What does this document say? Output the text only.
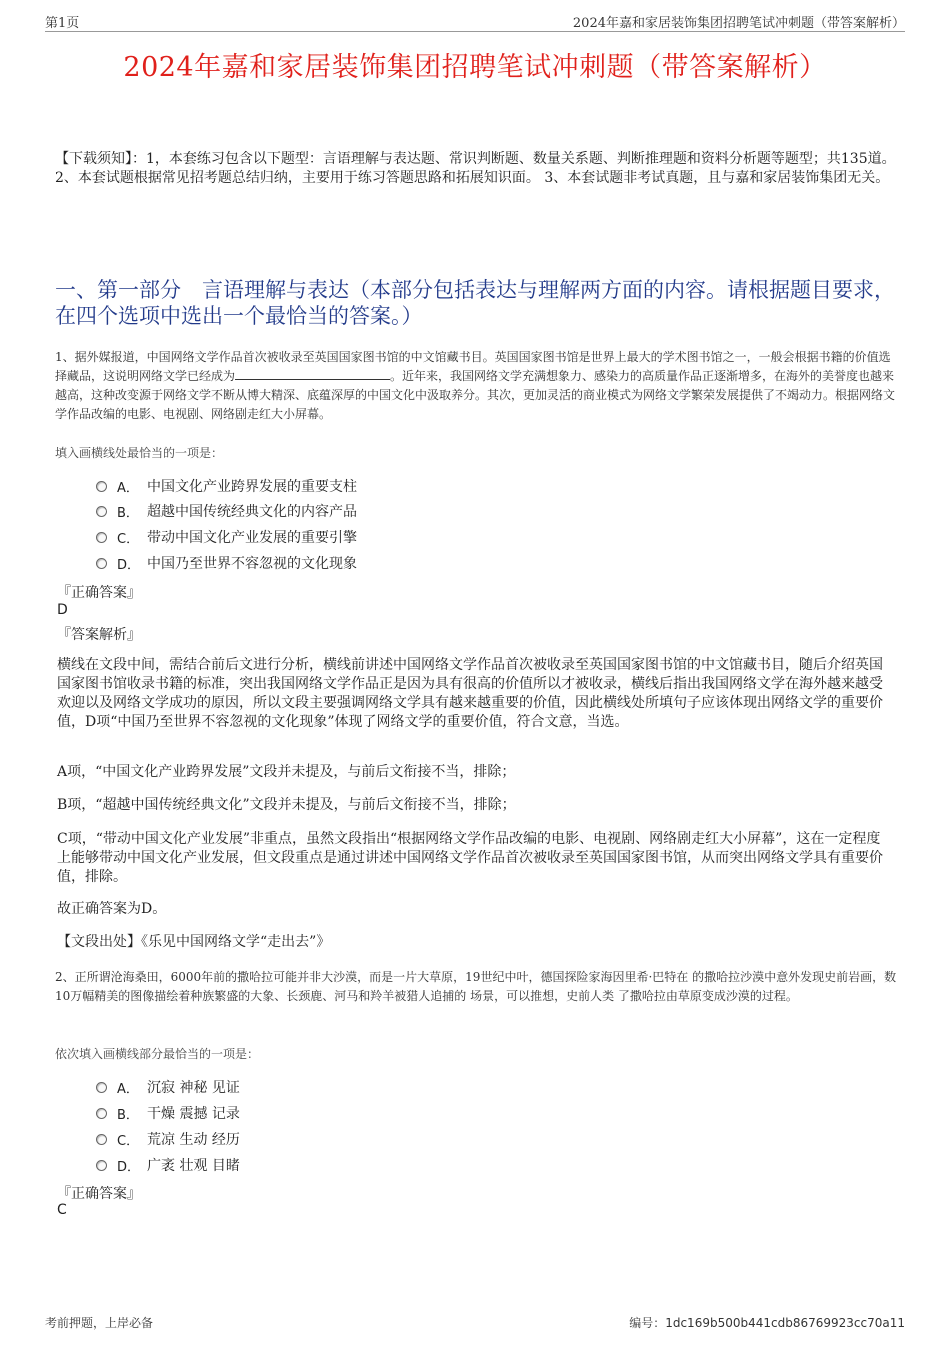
第1页	2024年嘉和家居装饰集团招聘笔试冲刺题（带答案解析）
2024年嘉和家居装饰集团招聘笔试冲刺题（带答案解析）
【下载须知】：1，本套练习包含以下题型：言语理解与表达题、常识判断题、数量关系题、判断推理题和资料分析题等题型；共135道。 2、本套试题根据常见招考题总结归纳，主要用于练习答题思路和拓展知识面。 3、本套试题非考试真题，且与嘉和家居装饰集团无关。
一、第一部分　言语理解与表达（本部分包括表达与理解两方面的内容。请根据题目要求，在四个选项中选出一个最恰当的答案。）
1、据外媒报道，中国网络文学作品首次被收录至英国国家图书馆的中文馆藏书目。英国国家图书馆是世界上最大的学术图书馆之一，一般会根据书籍的价值选择藏品，这说明网络文学已经成为	。近年来，我国网络文学充满想象力、感染力的高质量作品正逐渐增多，在海外的美誉度也越来越高，这种改变源于网络文学不断从博大精深、底蕴深厚的中国文化中汲取养分。其次，更加灵活的商业模式为网络文学繁荣发展提供了不竭动力。根据网络文学作品改编的电影、电视剧、网络剧走红大小屏幕。
填入画横线处最恰当的一项是：
A． 中国文化产业跨界发展的重要支柱
B． 超越中国传统经典文化的内容产品
C． 带动中国文化产业发展的重要引擎
D． 中国乃至世界不容忽视的文化现象
『正确答案』
D
『答案解析』
横线在文段中间，需结合前后文进行分析，横线前讲述中国网络文学作品首次被收录至英国国家图书馆的中文馆藏书目，随后介绍英国国家图书馆收录书籍的标准，突出我国网络文学作品正是因为具有很高的价值所以才被收录，横线后指出我国网络文学在海外越来越受欢迎以及网络文学成功的原因，所以文段主要强调网络文学具有越来越重要的价值，因此横线处所填句子应该体现出网络文学的重要价值，D项“中国乃至世界不容忽视的文化现象”体现了网络文学的重要价值，符合文意，当选。
A项，“中国文化产业跨界发展”文段并未提及，与前后文衔接不当，排除；
B项，“超越中国传统经典文化”文段并未提及，与前后文衔接不当，排除；
C项，“带动中国文化产业发展”非重点，虽然文段指出“根据网络文学作品改编的电影、电视剧、网络剧走红大小屏幕”，这在一定程度上能够带动中国文化产业发展，但文段重点是通过讲述中国网络文学作品首次被收录至英国国家图书馆，从而突出网络文学具有重要价值，排除。
故正确答案为D。
【文段出处】《乐见中国网络文学“走出去”》
2、正所谓沧海桑田，6000年前的撒哈拉可能并非大沙漠，而是一片大草原，19世纪中叶，德国探险家海因里希·巴特在 的撒哈拉沙漠中意外发现史前岩画，数10万幅精美的图像描绘着种族繁盛的大象、长颈鹿、河马和羚羊被猎人追捕的 场景，可以推想，史前人类 了撒哈拉由草原变成沙漠的过程。
依次填入画横线部分最恰当的一项是：
A． 沉寂 神秘 见证
B． 干燥 震撼 记录
C． 荒凉 生动 经历
D． 广袤 壮观 目睹
『正确答案』
C
考前押题，上岸必备	编号：1dc169b500b441cdb86769923cc70a11
